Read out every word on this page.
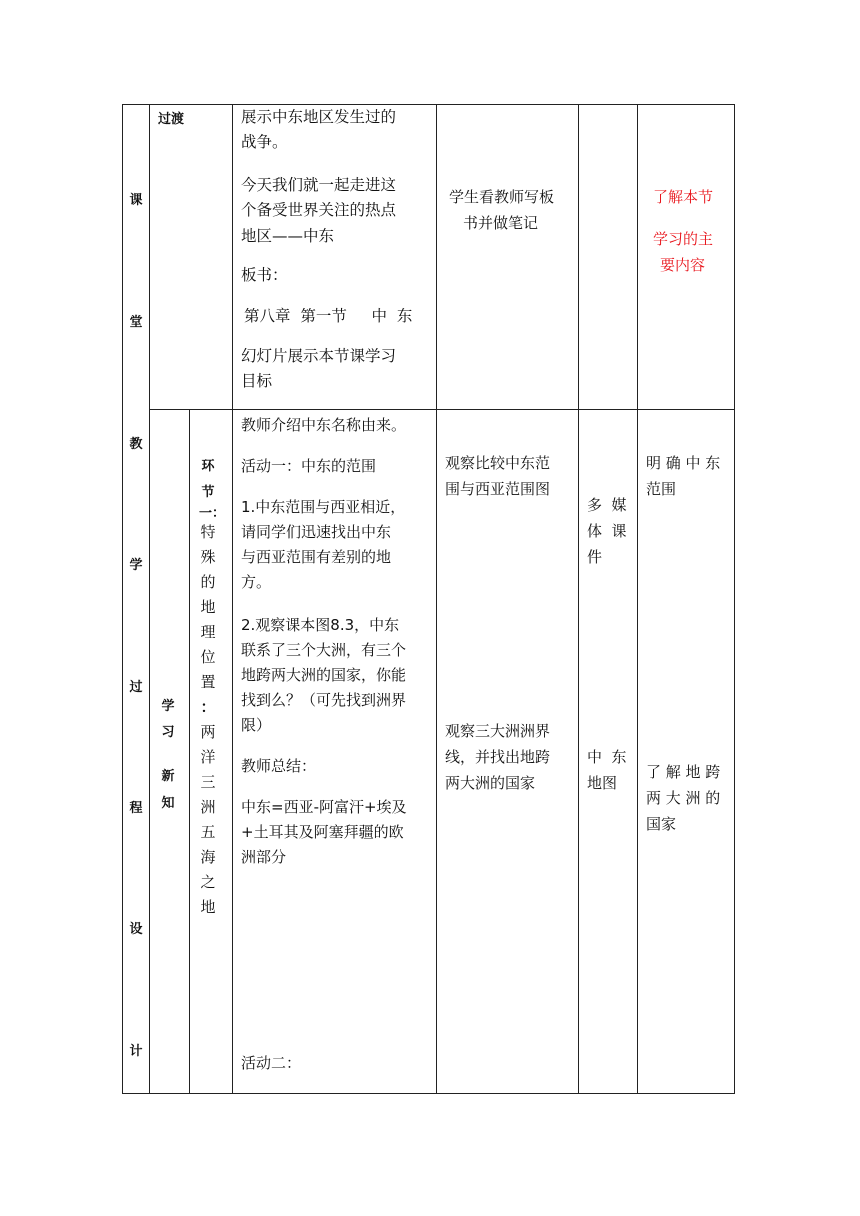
课
堂
教
学
过
程
设
计
过渡	展示中东地区发生过的
战争。
今天我们就一起走进这
个备受世界关注的热点
地区——中东
板书：
第八章  第一节     中  东
幻灯片展示本节课学习
目标
学生看教师写板
书并做笔记
了解本节
学习的主
要内容
学
习
新
知
环
节
一：
特
殊
的
地
理
位
置
：
两
洋
三
洲
五
海
之
地
教师介绍中东名称由来。
活动一：中东的范围
1.中东范围与西亚相近，
请同学们迅速找出中东
与西亚范围有差别的地
方。
2.观察课本图8.3，中东
联系了三个大洲，有三个
地跨两大洲的国家，你能
找到么？（可先找到洲界
限）
教师总结：
中东=西亚-阿富汗+埃及
+土耳其及阿塞拜疆的欧
洲部分
活动二：
观察比较中东范
围与西亚范围图
观察三大洲洲界
线，并找出地跨
两大洲的国家
多  媒
体  课
件
中  东
地图
明 确 中 东
范围
了 解 地 跨
两 大 洲 的
国家
